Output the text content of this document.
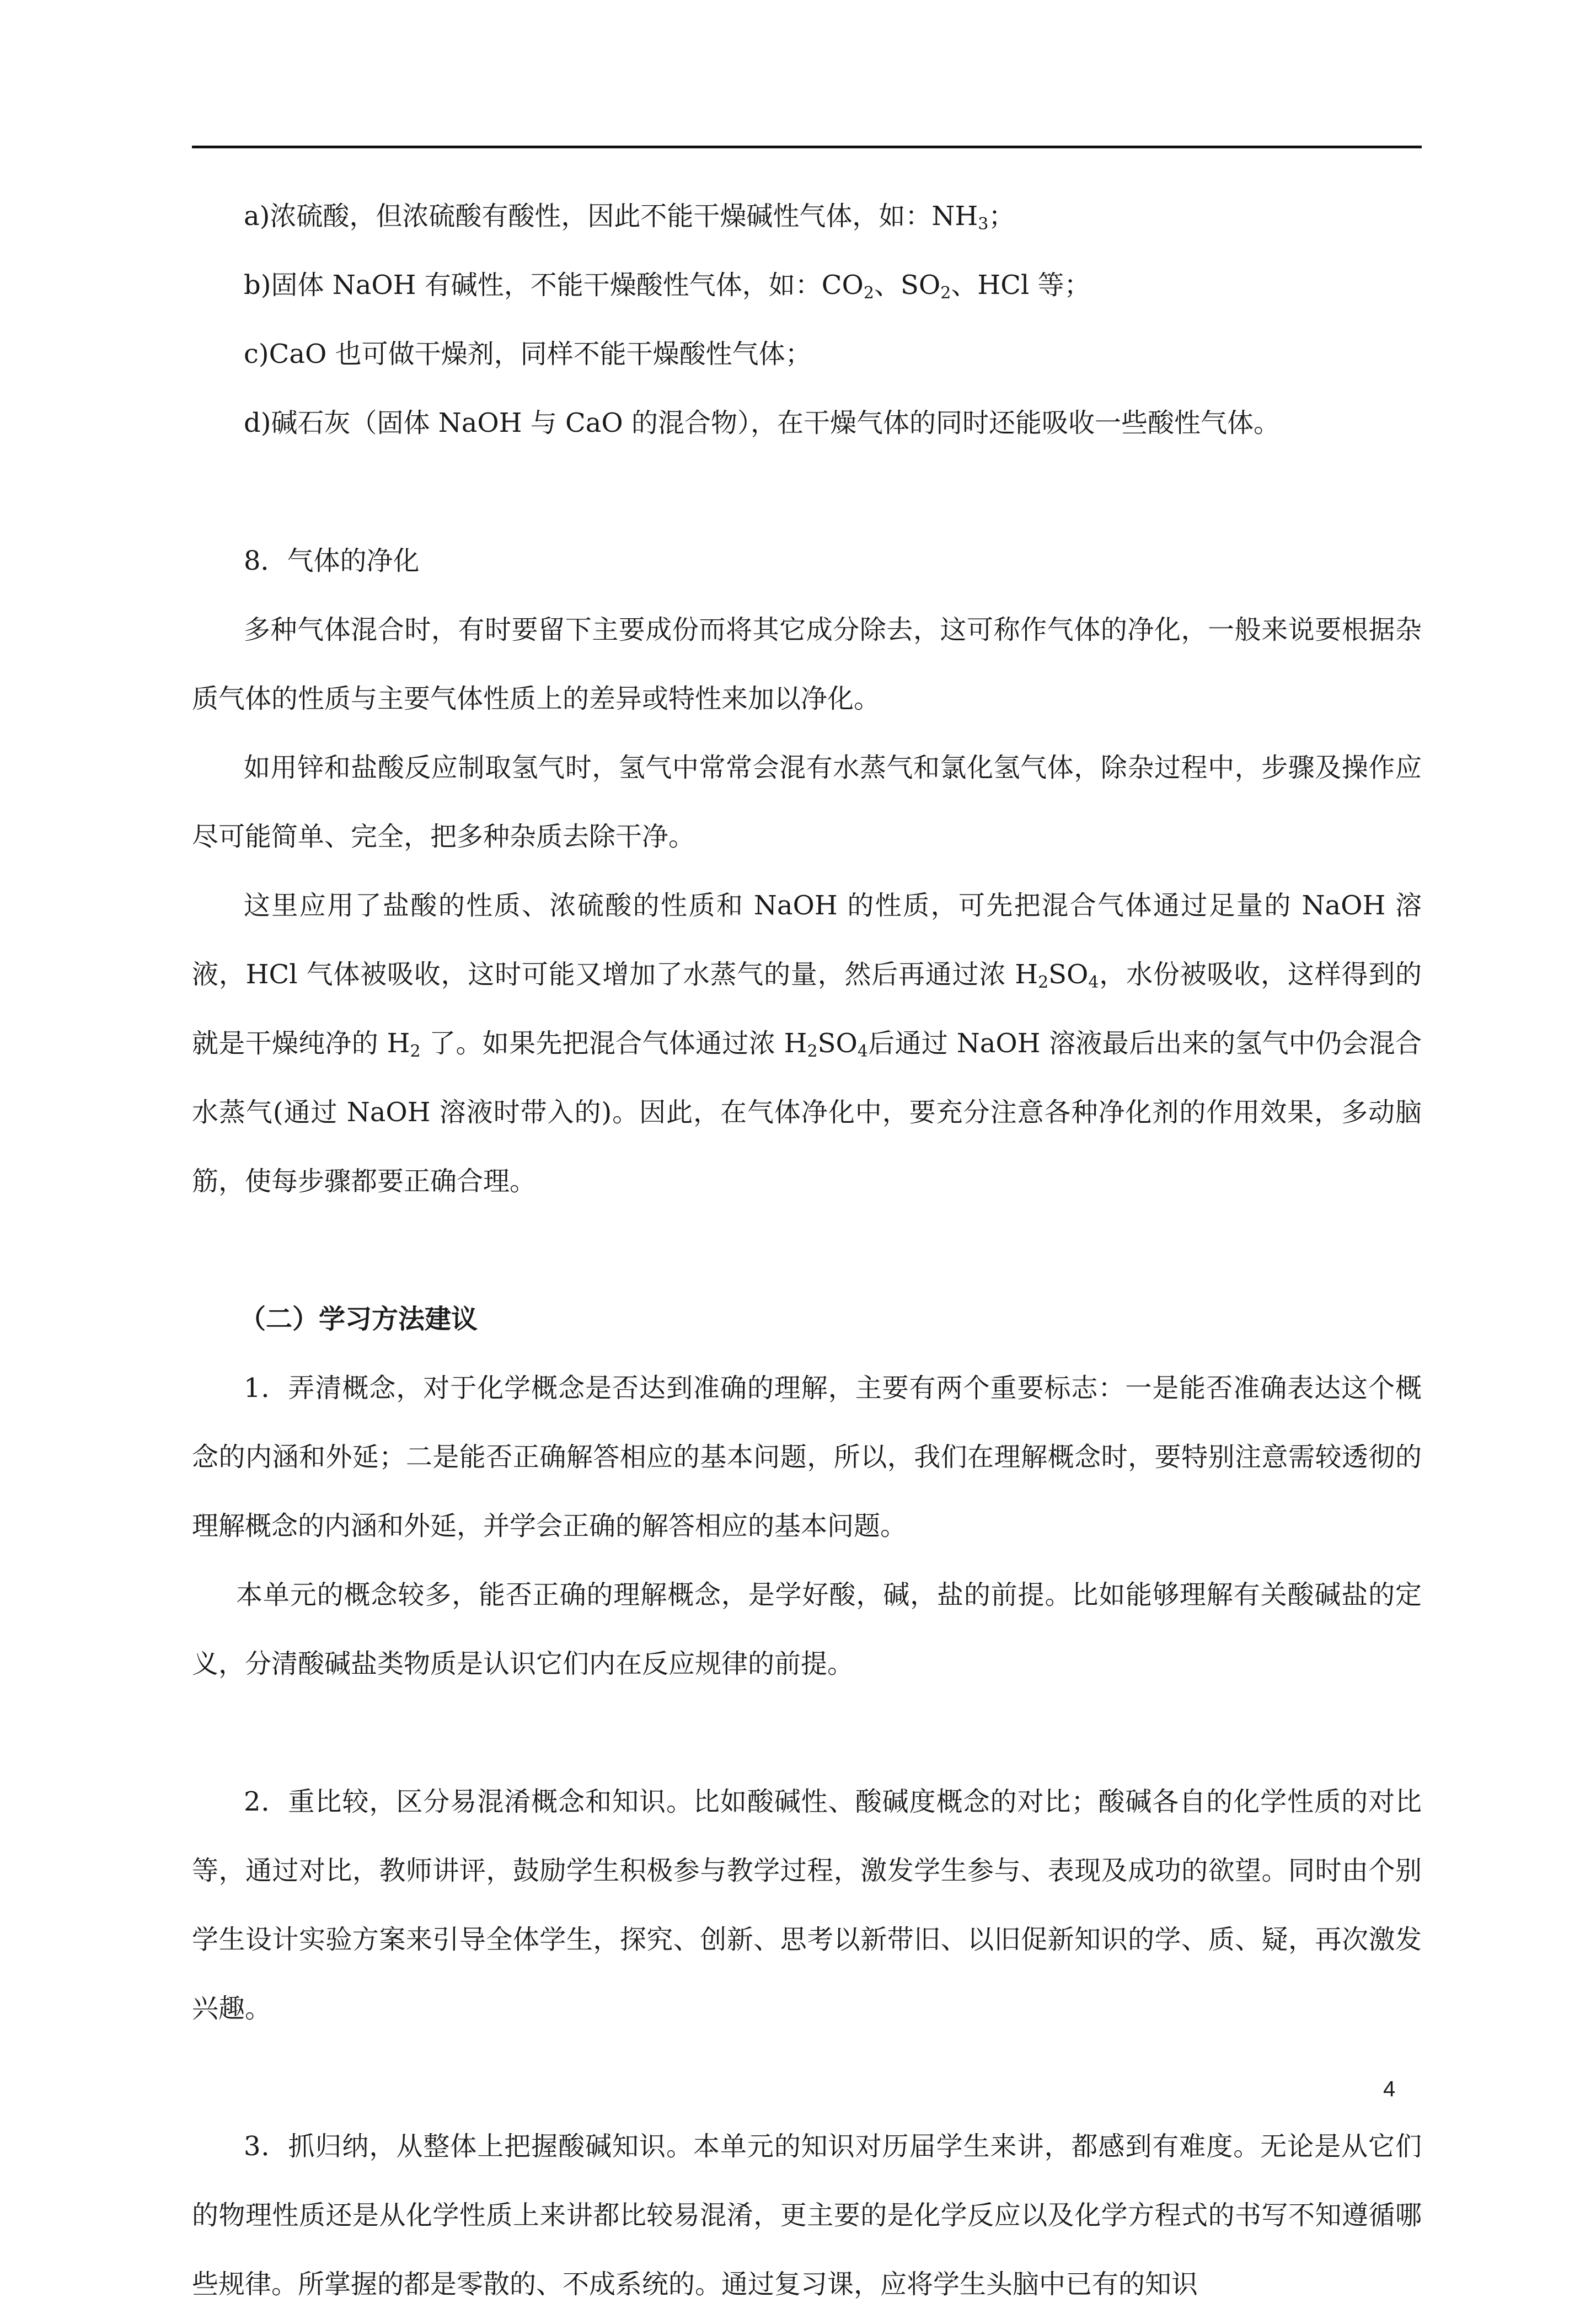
a)浓硫酸，但浓硫酸有酸性，因此不能干燥碱性气体，如：$NH_3$；
b)固体 NaOH 有碱性，不能干燥酸性气体，如：$CO_2$、$SO_2$、HCl 等；
c)CaO 也可做干燥剂，同样不能干燥酸性气体；
d)碱石灰（固体 NaOH 与 CaO 的混合物），在干燥气体的同时还能吸收一些酸性气体。
8．气体的净化
多种气体混合时，有时要留下主要成份而将其它成分除去，这可称作气体的净化，一般来说要根据杂质气体的性质与主要气体性质上的差异或特性来加以净化。
如用锌和盐酸反应制取氢气时，氢气中常常会混有水蒸气和氯化氢气体，除杂过程中，步骤及操作应尽可能简单、完全，把多种杂质去除干净。
这里应用了盐酸的性质、浓硫酸的性质和 NaOH 的性质，可先把混合气体通过足量的 NaOH 溶液，HCl 气体被吸收，这时可能又增加了水蒸气的量，然后再通过浓 $H_2SO_4$，水份被吸收，这样得到的就是干燥纯净的 $H_2$ 了。如果先把混合气体通过浓 $H_2SO_4$后通过 NaOH 溶液最后出来的氢气中仍会混合水蒸气(通过 NaOH 溶液时带入的)。因此，在气体净化中，要充分注意各种净化剂的作用效果，多动脑筋，使每步骤都要正确合理。
（二）学习方法建议
1．弄清概念，对于化学概念是否达到准确的理解，主要有两个重要标志：一是能否准确表达这个概念的内涵和外延；二是能否正确解答相应的基本问题，所以，我们在理解概念时，要特别注意需较透彻的理解概念的内涵和外延，并学会正确的解答相应的基本问题。
本单元的概念较多，能否正确的理解概念，是学好酸，碱，盐的前提。比如能够理解有关酸碱盐的定义，分清酸碱盐类物质是认识它们内在反应规律的前提。
2．重比较，区分易混淆概念和知识。比如酸碱性、酸碱度概念的对比；酸碱各自的化学性质的对比等，通过对比，教师讲评，鼓励学生积极参与教学过程，激发学生参与、表现及成功的欲望。同时由个别学生设计实验方案来引导全体学生，探究、创新、思考以新带旧、以旧促新知识的学、质、疑，再次激发兴趣。
3．抓归纳，从整体上把握酸碱知识。本单元的知识对历届学生来讲，都感到有难度。无论是从它们的物理性质还是从化学性质上来讲都比较易混淆，更主要的是化学反应以及化学方程式的书写不知遵循哪些规律。所掌握的都是零散的、不成系统的。通过复习课，应将学生头脑中已有的知识
4
